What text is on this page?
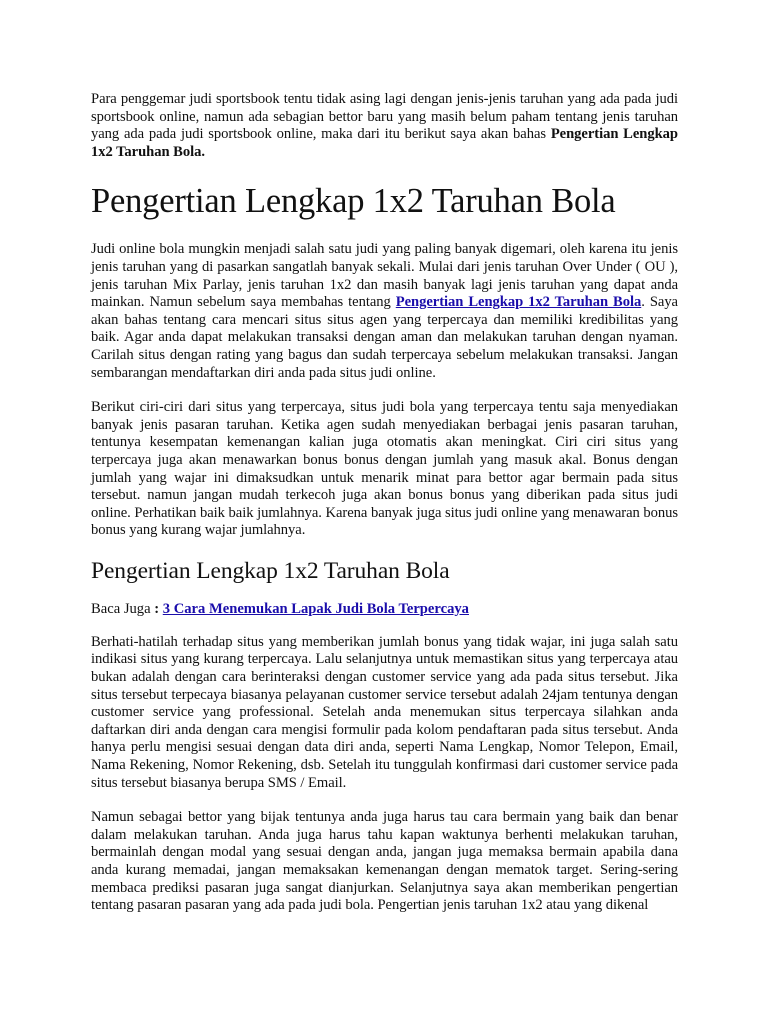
Para penggemar judi sportsbook tentu tidak asing lagi dengan jenis-jenis taruhan yang ada pada judi sportsbook online, namun ada sebagian bettor baru yang masih belum paham tentang jenis taruhan yang ada pada judi sportsbook online, maka dari itu berikut saya akan bahas Pengertian Lengkap 1x2 Taruhan Bola.

Pengertian Lengkap 1x2 Taruhan Bola

Judi online bola mungkin menjadi salah satu judi yang paling banyak digemari, oleh karena itu jenis jenis taruhan yang di pasarkan sangatlah banyak sekali. Mulai dari jenis taruhan Over Under ( OU ), jenis taruhan Mix Parlay, jenis taruhan 1x2 dan masih banyak lagi jenis taruhan yang dapat anda mainkan. Namun sebelum saya membahas tentang Pengertian Lengkap 1x2 Taruhan Bola. Saya akan bahas tentang cara mencari situs situs agen yang terpercaya dan memiliki kredibilitas yang baik. Agar anda dapat melakukan transaksi dengan aman dan melakukan taruhan dengan nyaman. Carilah situs dengan rating yang bagus dan sudah terpercaya sebelum melakukan transaksi. Jangan sembarangan mendaftarkan diri anda pada situs judi online.

Berikut ciri-ciri dari situs yang terpercaya, situs judi bola yang terpercaya tentu saja menyediakan banyak jenis pasaran taruhan. Ketika agen sudah menyediakan berbagai jenis pasaran taruhan, tentunya kesempatan kemenangan kalian juga otomatis akan meningkat. Ciri ciri situs yang terpercaya juga akan menawarkan bonus bonus dengan jumlah yang masuk akal. Bonus dengan jumlah yang wajar ini dimaksudkan untuk menarik minat para bettor agar bermain pada situs tersebut. namun jangan mudah terkecoh juga akan bonus bonus yang diberikan pada situs judi online. Perhatikan baik baik jumlahnya. Karena banyak juga situs judi online yang menawaran bonus bonus yang kurang wajar jumlahnya.

Pengertian Lengkap 1x2 Taruhan Bola

Baca Juga : 3 Cara Menemukan Lapak Judi Bola Terpercaya

Berhati-hatilah terhadap situs yang memberikan jumlah bonus yang tidak wajar, ini juga salah satu indikasi situs yang kurang terpercaya. Lalu selanjutnya untuk memastikan situs yang terpercaya atau bukan adalah dengan cara berinteraksi dengan customer service yang ada pada situs tersebut. Jika situs tersebut terpecaya biasanya pelayanan customer service tersebut adalah 24jam tentunya dengan customer service yang professional. Setelah anda menemukan situs terpercaya silahkan anda daftarkan diri anda dengan cara mengisi formulir pada kolom pendaftaran pada situs tersebut. Anda hanya perlu mengisi sesuai dengan data diri anda, seperti Nama Lengkap, Nomor Telepon, Email, Nama Rekening, Nomor Rekening, dsb. Setelah itu tunggulah konfirmasi dari customer service pada situs tersebut biasanya berupa SMS / Email.

Namun sebagai bettor yang bijak tentunya anda juga harus tau cara bermain yang baik dan benar dalam melakukan taruhan. Anda juga harus tahu kapan waktunya berhenti melakukan taruhan, bermainlah dengan modal yang sesuai dengan anda, jangan juga memaksa bermain apabila dana anda kurang memadai, jangan memaksakan kemenangan dengan mematok target. Sering-sering membaca prediksi pasaran juga sangat dianjurkan. Selanjutnya saya akan memberikan pengertian tentang pasaran pasaran yang ada pada judi bola. Pengertian jenis taruhan 1x2 atau yang dikenal
